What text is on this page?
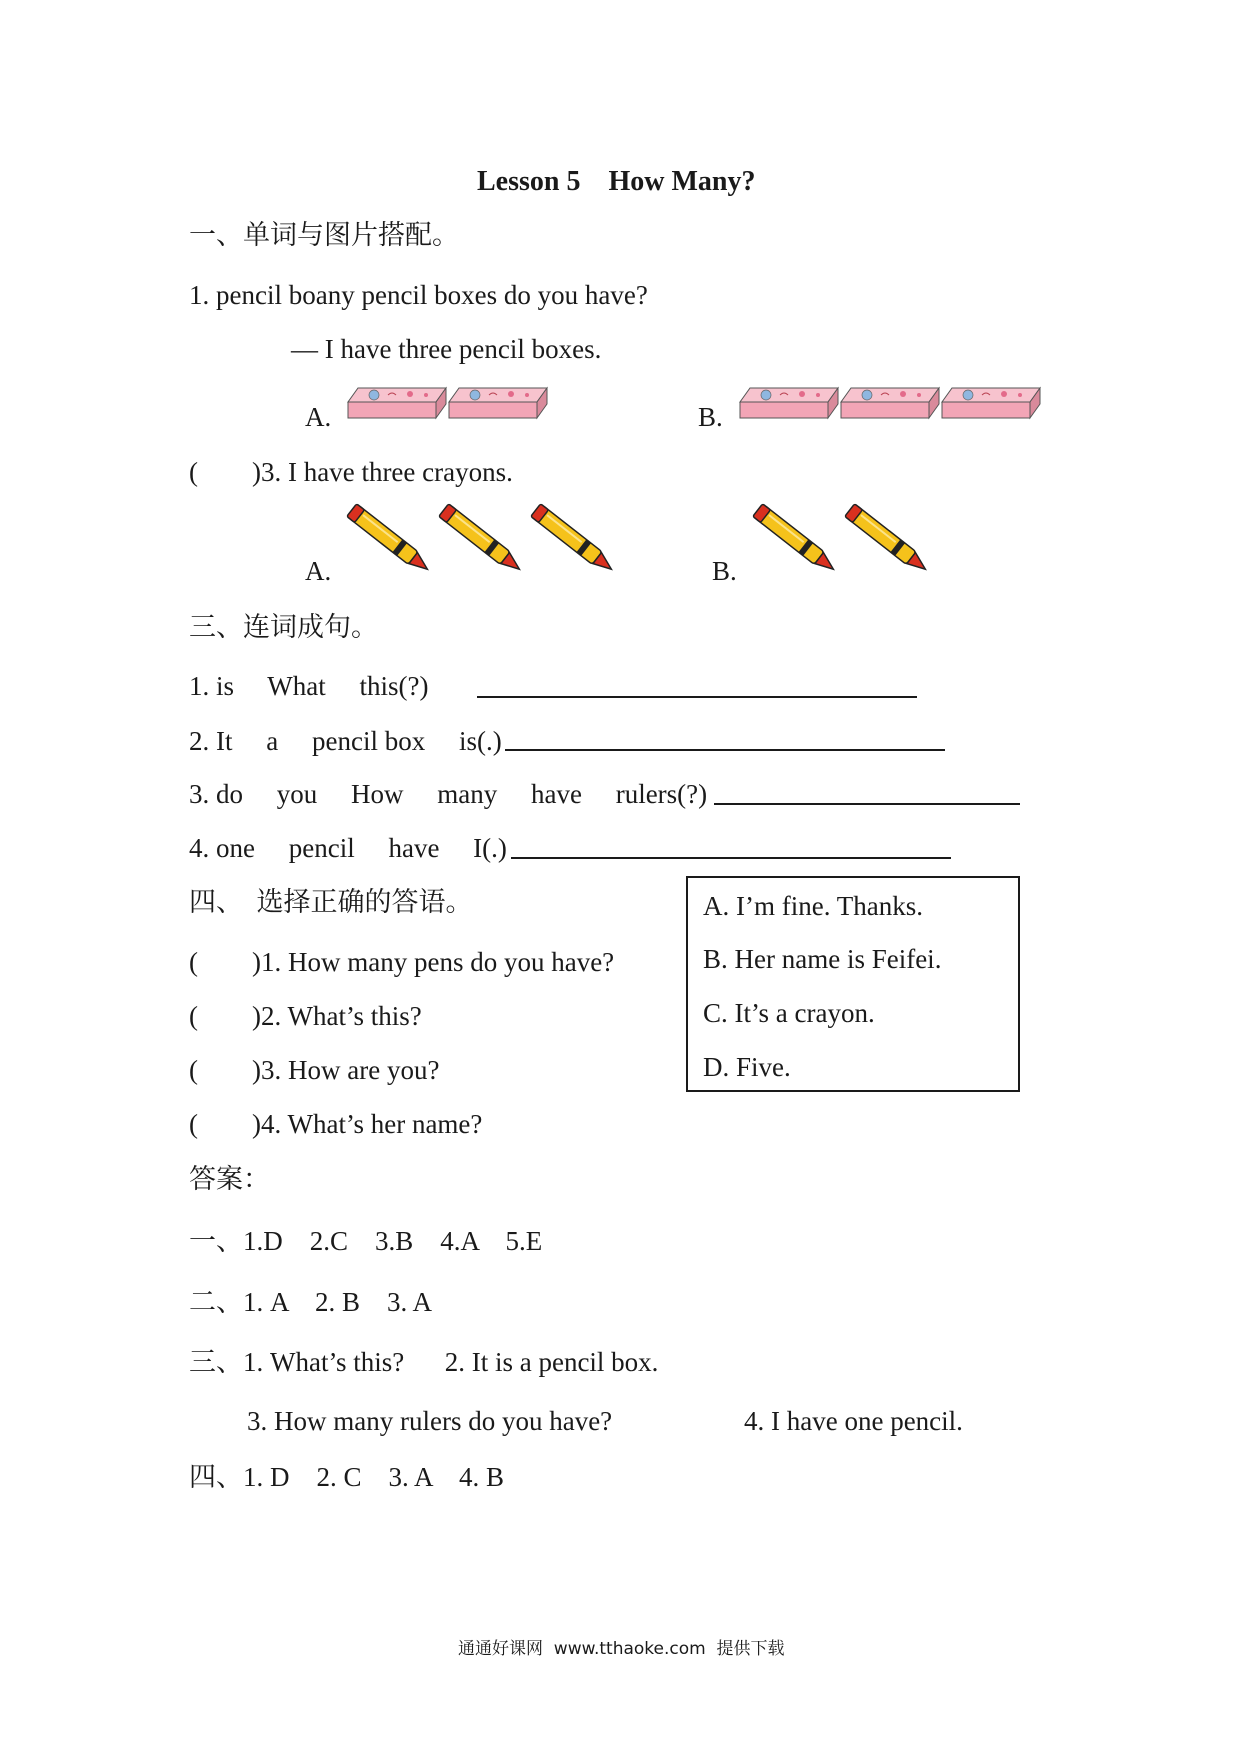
Lesson 5    How Many?
一、单词与图片搭配。
1. pencil boany pencil boxes do you have?
— I have three pencil boxes.
A.	B.
(        )3. I have three crayons.
A.	B.
三、连词成句。
1. is     What     this(?)
2. It     a     pencil box     is(.)
3. do     you     How     many     have     rulers(?)
4. one     pencil     have     I(.)
四、  选择正确的答语。
(        )1. How many pens do you have?
(        )2. What’s this?
(        )3. How are you?
(        )4. What’s her name?
A. I’m fine. Thanks.
B. Her name is Feifei.
C. It’s a crayon.
D. Five.
答案：
一、1.D    2.C    3.B    4.A    5.E
二、1. A    2. B    3. A
三、1. What’s this?      2. It is a pencil box.
3. How many rulers do you have?	4. I have one pencil.
四、1. D    2. C    3. A    4. B
通通好课网  www.tthaoke.com  提供下载
